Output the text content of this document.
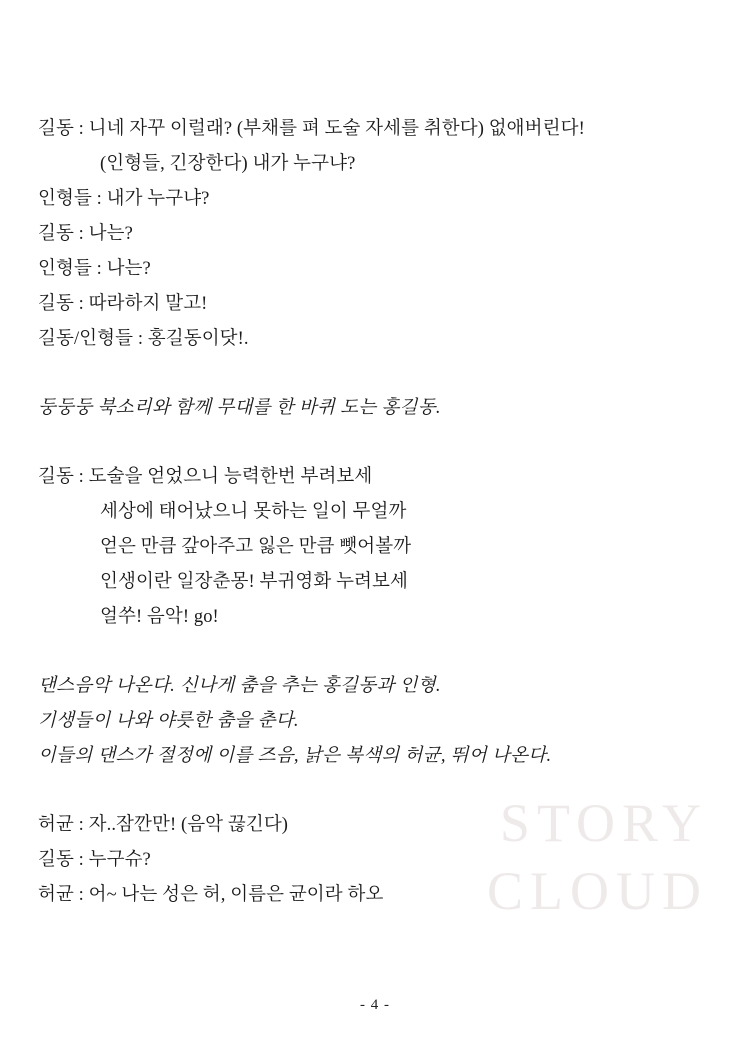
STORY
CLOUD
길동 : 니네 자꾸 이럴래? (부채를 펴 도술 자세를 취한다) 없애버린다!
(인형들, 긴장한다) 내가 누구냐?
인형들 : 내가 누구냐?
길동 : 나는?
인형들 : 나는?
길동 : 따라하지 말고!
길동/인형들 : 홍길동이닷!.
둥둥둥 북소리와 함께 무대를 한 바퀴 도는 홍길동.
길동 : 도술을 얻었으니 능력한번 부려보세
세상에 태어났으니 못하는 일이 무얼까
얻은 만큼 갚아주고 잃은 만큼 뺏어볼까
인생이란 일장춘몽! 부귀영화 누려보세
얼쑤! 음악! go!
댄스음악 나온다. 신나게 춤을 추는 홍길동과 인형.
기생들이 나와 야릇한 춤을 춘다.
이들의 댄스가 절정에 이를 즈음, 낡은 복색의 허균, 뛰어 나온다.
허균 : 자..잠깐만! (음악 끊긴다)
길동 : 누구슈?
허균 : 어~ 나는 성은 허, 이름은 균이라 하오
- 4 -
